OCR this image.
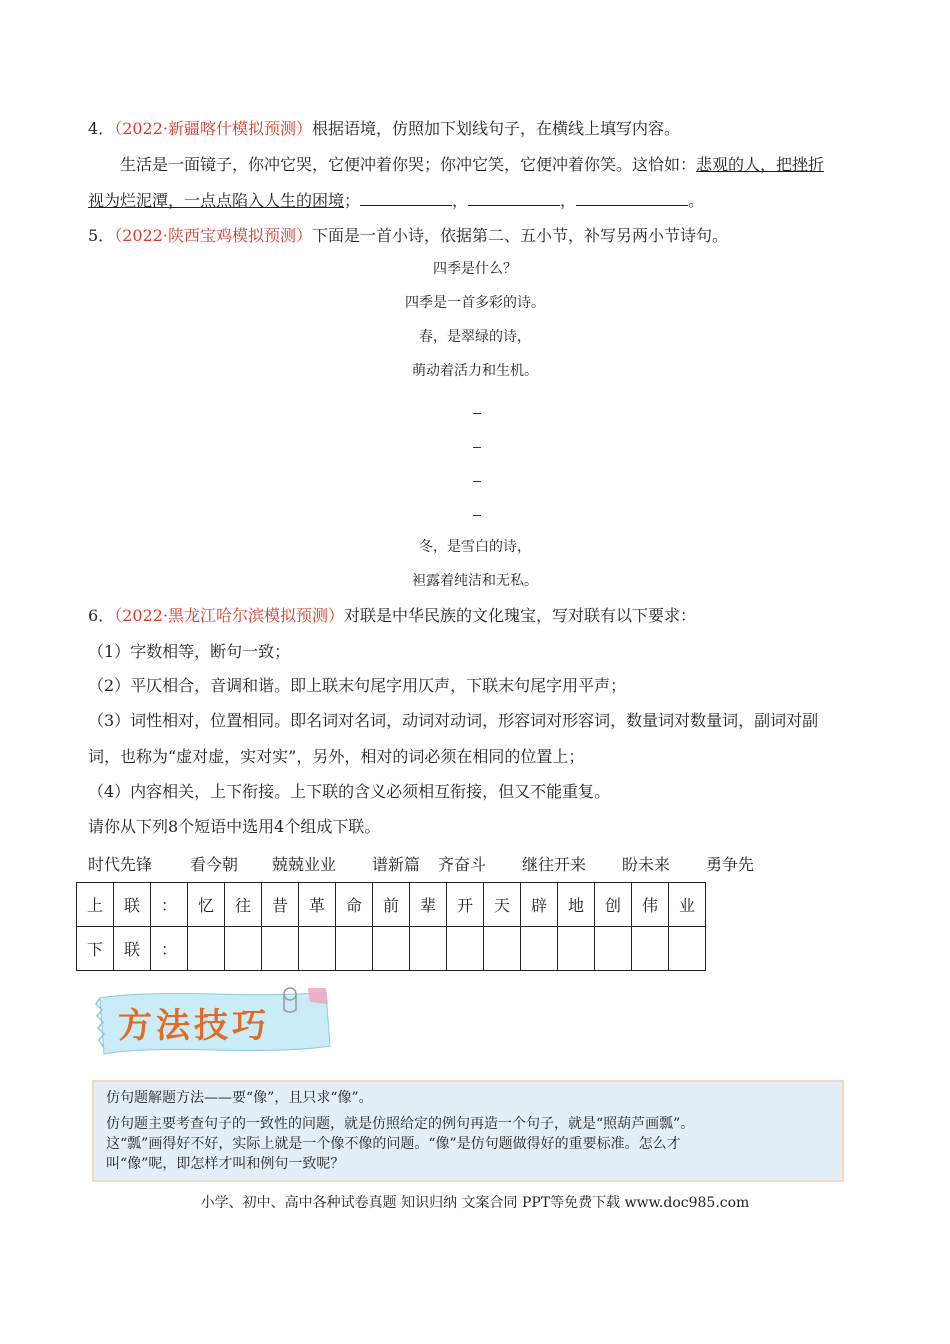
4．（2022·新疆喀什模拟预测）根据语境，仿照加下划线句子，在横线上填写内容。
生活是一面镜子，你冲它哭，它便冲着你哭；你冲它笑，它便冲着你笑。这恰如：悲观的人，把挫折
视为烂泥潭，一点点陷入人生的困境；	，	，	。
5．（2022·陕西宝鸡模拟预测）下面是一首小诗，依据第二、五小节，补写另两小节诗句。
四季是什么？
四季是一首多彩的诗。
春，是翠绿的诗，
萌动着活力和生机。
冬，是雪白的诗，
袒露着纯洁和无私。
6．（2022·黑龙江哈尔滨模拟预测）对联是中华民族的文化瑰宝，写对联有以下要求：
（1）字数相等，断句一致；
（2）平仄相合，音调和谐。即上联末句尾字用仄声，下联末句尾字用平声；
（3）词性相对，位置相同。即名词对名词，动词对动词，形容词对形容词，数量词对数量词，副词对副
词，也称为“虚对虚，实对实”，另外，相对的词必须在相同的位置上；
（4）内容相关，上下衔接。上下联的含义必须相互衔接，但又不能重复。
请你从下列8个短语中选用4个组成下联。
时代先锋 看今朝 兢兢业业 谱新篇 齐奋斗 继往开来 盼未来 勇争先
上	联	：	忆	往	昔	革	命	前	辈	开	天	辟	地	创	伟	业
下	联	：														
方法技巧

仿句题解题方法——要“像”，且只求“像”。

仿句题主要考查句子的一致性的问题，就是仿照给定的例句再造一个句子，就是“照葫芦画瓢”。

这“瓢”画得好不好，实际上就是一个像不像的问题。“像”是仿句题做得好的重要标准。怎么才

叫“像”呢，即怎样才叫和例句一致呢？

小学、初中、高中各种试卷真题 知识归纳 文案合同 PPT等免费下载 www.doc985.com
